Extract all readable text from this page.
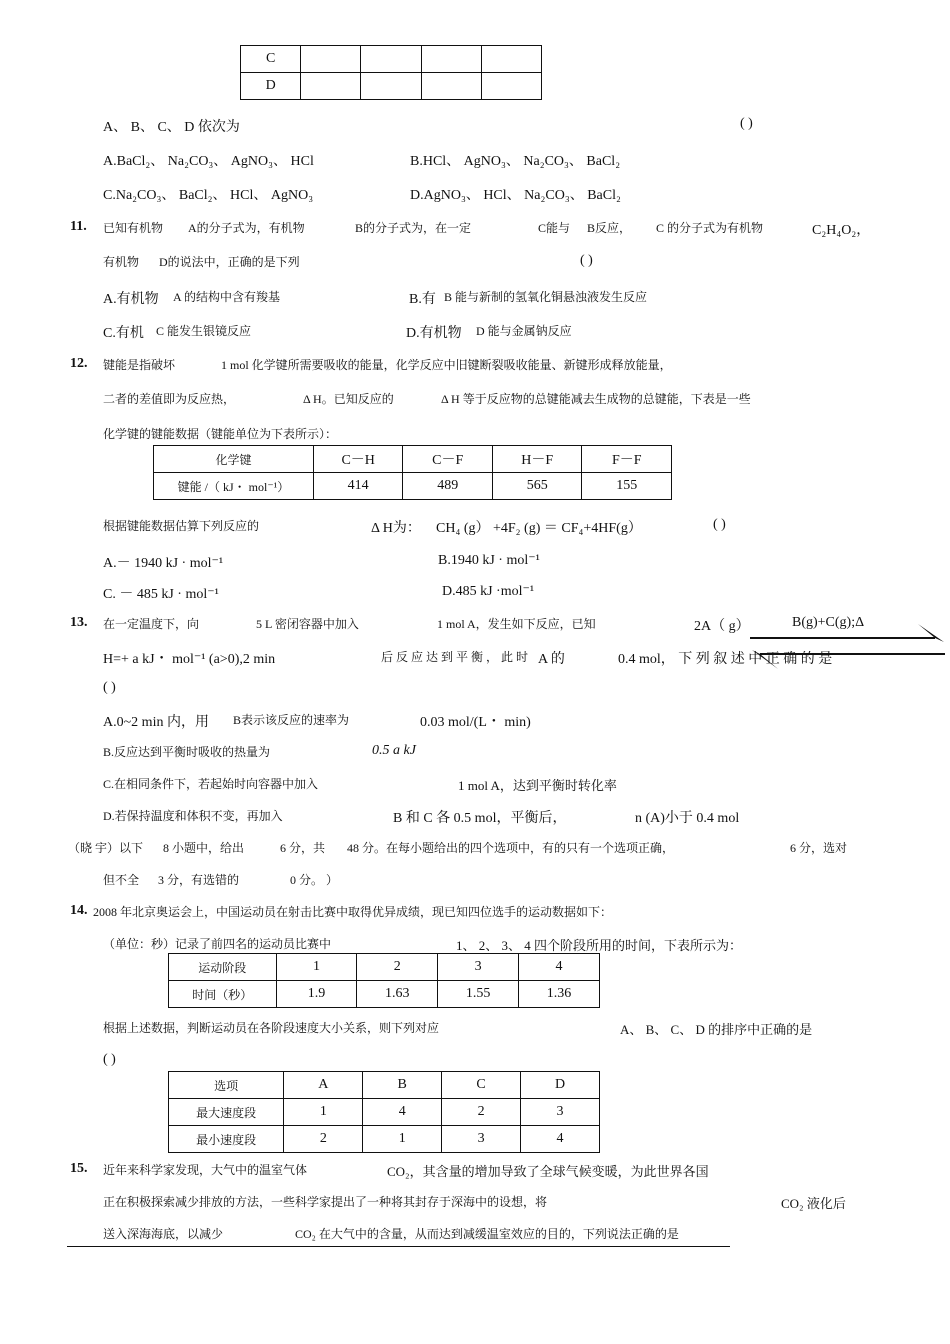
C				
D				
A、 B、 C、 D 依次为	( )
A.BaCl₂、 Na₂CO₃、 AgNO₃、 HCl	B.HCl、 AgNO₃、 Na₂CO₃、 BaCl₂
C.Na₂CO₃、 BaCl₂、 HCl、 AgNO₃	D.AgNO₃、 HCl、 Na₂CO₃、 BaCl₂
11. 已知有机物 A的分子式为，有机物	B的分子式为，在一定	C能与 B反应， C 的分子式为有机物	C₂H₄O₂，
有机物 D的说法中，正确的是下列	( )
A.有机物 A 的结构中含有羧基	B.有 B 能与新制的氢氧化铜悬浊液发生反应
C.有机 C 能发生银镜反应	D.有机物 D 能与金属钠反应
12. 键能是指破坏	1 mol 化学键所需要吸收的能量，化学反应中旧键断裂吸收能量、新键形成释放能量，
二者的差值即为反应热，	Δ H。已知反应的	Δ H 等于反应物的总键能减去生成物的总键能，下表是一些
化学键的键能数据（键能单位为下表所示）：
化学键	C－H	C－F	H－F	F－F
键能 /（ kJ・ mol⁻¹）	414	489	565	155
根据键能数据估算下列反应的	Δ H为： CH₄ (g） +4F₂ (g) ＝ CF₄+4HF(g）	( )
A.－ 1940 kJ · mol⁻¹	B.1940 kJ · mol⁻¹
C. － 485 kJ · mol⁻¹	D.485 kJ ·mol⁻¹
13. 在一定温度下，向	5 L 密闭容器中加入	1 mol A，发生如下反应，已知	2A（ g）	B(g)+C(g);Δ
H=+ a kJ・ mol⁻¹ (a>0),2 min	后 反 应 达 到 平 衡 ， 此 时 A 的	0.4 mol， 下 列 叙 述 中 正 确 的 是
( )
A.0~2 min 内，用 B表示该反应的速率为	0.03 mol/(L・ min)
B.反应达到平衡时吸收的热量为	0.5 a kJ
C.在相同条件下，若起始时向容器中加入	1 mol A，达到平衡时转化率
D.若保持温度和体积不变，再加入	B 和 C 各 0.5 mol，平衡后，	n (A)小于 0.4 mol
（晓 宇）以下 8 小题中，给出	6 分，共 48 分。在每小题给出的四个选项中，有的只有一个选项正确，	6 分，选对
但不全 3 分，有选错的	0 分。 ）
14. 2008 年北京奥运会上，中国运动员在射击比赛中取得优异成绩，现已知四位选手的运动数据如下：
（单位：秒）记录了前四名的运动员比赛中	1、 2、 3、 4 四个阶段所用的时间，下表所示为：
运动阶段	1	2	3	4
时间（秒）	1.9	1.63	1.55	1.36
根据上述数据，判断运动员在各阶段速度大小关系，则下列对应	A、 B、 C、 D 的排序中正确的是
( )
选项	A	B	C	D
最大速度段	1	4	2	3
最小速度段	2	1	3	4
15. 近年来科学家发现，大气中的温室气体	CO₂，其含量的增加导致了全球气候变暖，为此世界各国
正在积极探索减少排放的方法，一些科学家提出了一种将其封存于深海中的设想，将	CO₂ 液化后
送入深海海底，以减少	CO₂ 在大气中的含量，从而达到减缓温室效应的目的，下列说法正确的是
